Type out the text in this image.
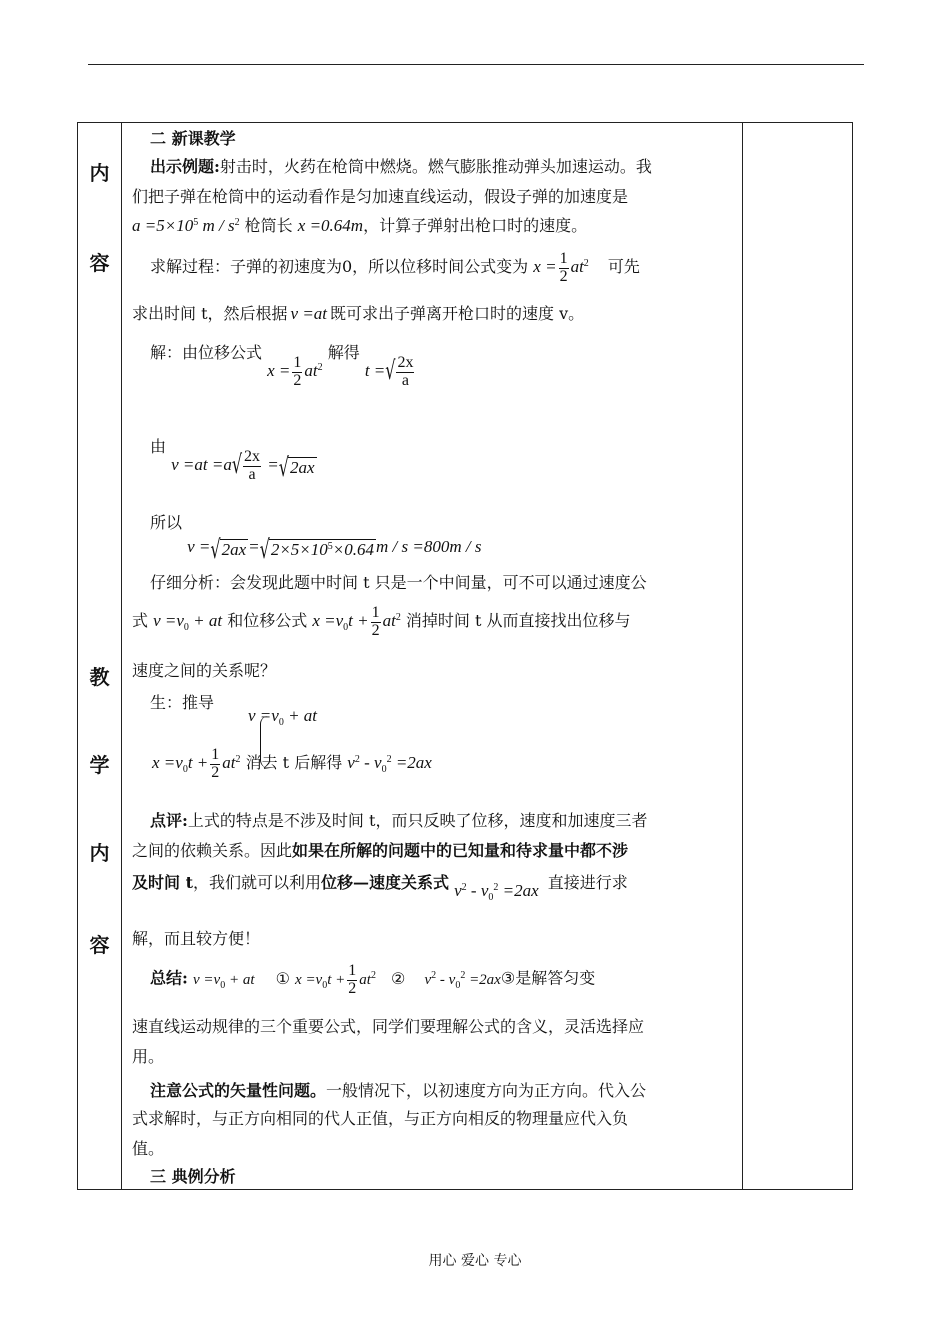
内
容
教
学
内
容
二 新课教学
出示例题:射击时，火药在枪筒中燃烧。燃气膨胀推动弹头加速运动。我
们把子弹在枪筒中的运动看作是匀加速直线运动，假设子弹的加速度是
$a =5\times 10^5$ m / $s^2$ 枪筒长 x =0.64m，计算子弹射出枪口时的速度。
求解过程：子弹的初速度为0，所以位移时间公式变为 $x = \frac{1}{2} at^2$ 可先
求出时间 t，然后根据 v =at 既可求出子弹离开枪口时的速度 v。
解：由位移公式 $x = \frac{1}{2} at^2$ 解得 t =√ $\frac{2x}{a}$
由 $v =at =a√ \frac{2x}{a} =√2ax$
所以 $v =√2ax =√2\times 5\times 10^5\times 0.64$ m / s =800m / s
仔细分析：会发现此题中时间 t 只是一个中间量，可不可以通过速度公
式 $v =v_0$ + at 和位移公式 $x =v_0t + \frac{1}{2} at^2$ 消掉时间 t 从而直接找出位移与
速度之间的关系呢？
生：推导
$v =v_0$ + at
$x =v_0t + \frac{1}{2} at^2$ 消去 t 后解得 $v^2 - v_0^2 =2ax$
点评:上式的特点是不涉及时间 t，而只反映了位移，速度和加速度三者
之间的依赖关系。因此如果在所解的问题中的已知量和待求量中都不涉
及时间 t，我们就可以利用位移—速度关系式 $v^2 - v_0^2 =2ax$ 直接进行求
解，而且较方便！
总结: $v =v_0$ + at ① $x =v_0t + \frac{1}{2} at^2$ ② $v^2 - v_0^2$ =2ax③是解答匀变
速直线运动规律的三个重要公式，同学们要理解公式的含义，灵活选择应
用。
注意公式的矢量性问题。一般情况下，以初速度方向为正方向。代入公
式求解时，与正方向相同的代人正值，与正方向相反的物理量应代入负
值。
三 典例分析
用心 爱心 专心
